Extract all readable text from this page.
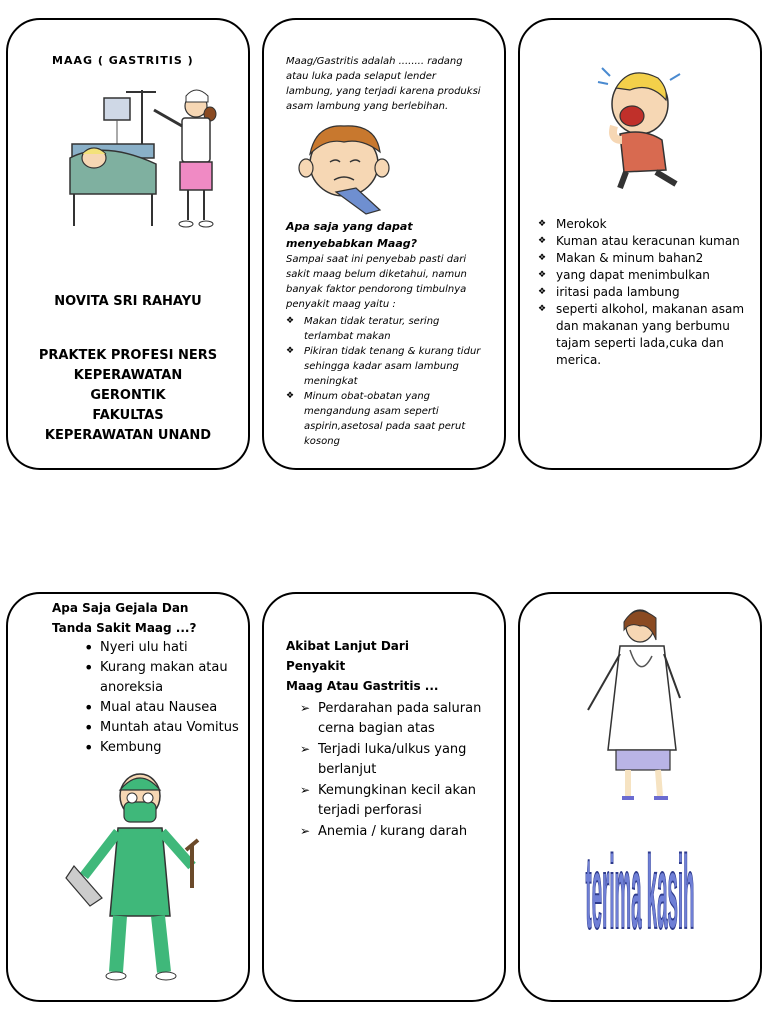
MAAG ( GASTRITIS )
NOVITA SRI RAHAYU
PRAKTEK PROFESI NERS
KEPERAWATAN
GERONTIK
FAKULTAS
KEPERAWATAN UNAND
Maag/Gastritis adalah ........ radang atau luka pada selaput lender lambung, yang terjadi karena produksi asam lambung yang berlebihan.
Apa saja yang dapat menyebabkan Maag?
Sampai saat ini penyebab pasti dari sakit maag belum diketahui, namun banyak faktor pendorong timbulnya penyakit maag yaitu :
❖ Makan tidak teratur, sering terlambat makan
❖ Pikiran tidak tenang & kurang tidur sehingga kadar asam lambung meningkat
❖ Minum obat-obatan yang mengandung asam seperti aspirin,asetosal pada saat perut kosong
❖ Merokok
❖ Kuman atau keracunan kuman
❖ Makan & minum bahan2
❖ yang dapat menimbulkan
❖ iritasi pada lambung
❖ seperti alkohol, makanan asam dan makanan yang berbumu tajam seperti lada,cuka dan merica.
Apa Saja Gejala Dan Tanda Sakit Maag ...?
• Nyeri ulu hati
• Kurang makan atau anoreksia
• Mual atau Nausea
• Muntah atau Vomitus
• Kembung
Akibat Lanjut Dari
Penyakit
Maag Atau Gastritis ...
➢ Perdarahan pada saluran cerna bagian atas
➢ Terjadi luka/ulkus yang berlanjut
➢ Kemungkinan kecil akan terjadi perforasi
➢ Anemia / kurang darah
terima kasih
